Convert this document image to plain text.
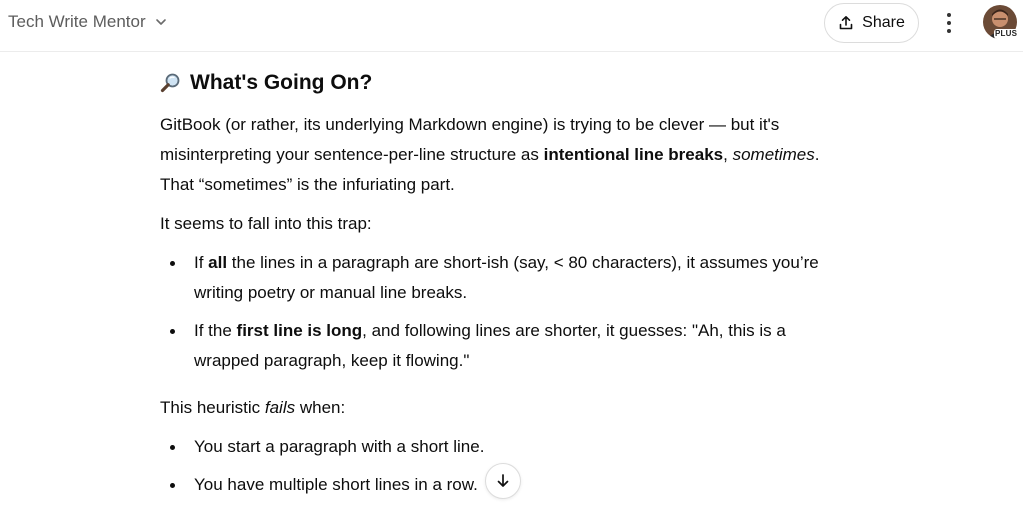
Tech Write Mentor	Share
PLUS
What's Going On?

GitBook (or rather, its underlying Markdown engine) is trying to be clever — but it's misinterpreting your sentence-per-line structure as intentional line breaks, sometimes. That “sometimes” is the infuriating part.

It seems to fall into this trap:

If all the lines in a paragraph are short-ish (say, < 80 characters), it assumes you’re writing poetry or manual line breaks.
If the first line is long, and following lines are shorter, it guesses: "Ah, this is a wrapped paragraph, keep it flowing."

This heuristic fails when:

You start a paragraph with a short line.
You have multiple short lines in a row.
